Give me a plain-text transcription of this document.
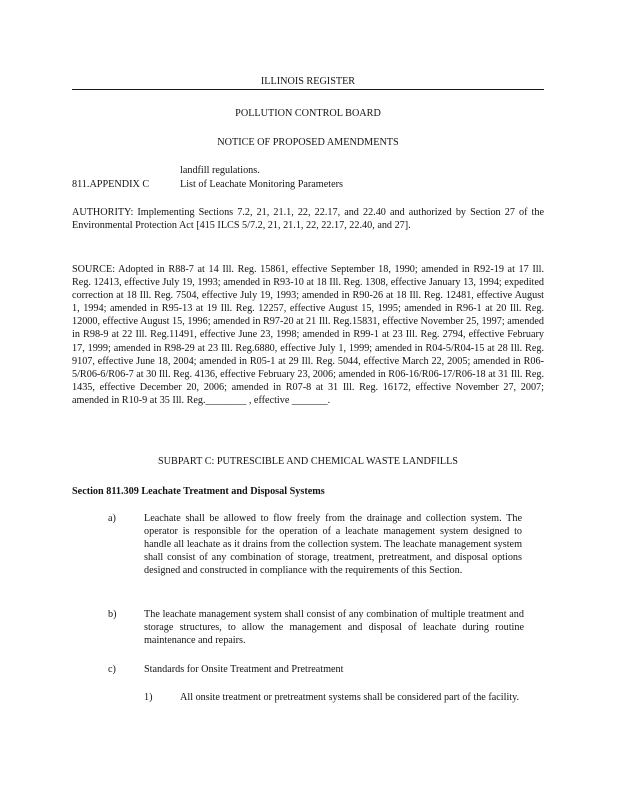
ILLINOIS REGISTER
POLLUTION CONTROL BOARD
NOTICE OF PROPOSED AMENDMENTS
landfill regulations.
811.APPENDIX C	List of Leachate Monitoring Parameters
AUTHORITY: Implementing Sections 7.2, 21, 21.1, 22, 22.17, and 22.40 and authorized by Section 27 of the Environmental Protection Act [415 ILCS 5/7.2, 21, 21.1, 22, 22.17, 22.40, and 27].
SOURCE: Adopted in R88-7 at 14 Ill. Reg. 15861, effective September 18, 1990; amended in R92-19 at 17 Ill. Reg. 12413, effective July 19, 1993; amended in R93-10 at 18 Ill. Reg. 1308, effective January 13, 1994; expedited correction at 18 Ill. Reg. 7504, effective July 19, 1993; amended in R90-26 at 18 Ill. Reg. 12481, effective August 1, 1994; amended in R95-13 at 19 Ill. Reg. 12257, effective August 15, 1995; amended in R96-1 at 20 Ill. Reg. 12000, effective August 15, 1996; amended in R97-20 at 21 Ill. Reg.15831, effective November 25, 1997; amended in R98-9 at 22 Ill. Reg.11491, effective June 23, 1998; amended in R99-1 at 23 Ill. Reg. 2794, effective February 17, 1999; amended in R98-29 at 23 Ill. Reg.6880, effective July 1, 1999; amended in R04-5/R04-15 at 28 Ill. Reg. 9107, effective June 18, 2004; amended in R05-1 at 29 Ill. Reg. 5044, effective March 22, 2005; amended in R06-5/R06-6/R06-7 at 30 Ill. Reg. 4136, effective February 23, 2006; amended in R06-16/R06-17/R06-18 at 31 Ill. Reg. 1435, effective December 20, 2006; amended in R07-8 at 31 Ill. Reg. 16172, effective November 27, 2007; amended in R10-9 at 35 Ill. Reg.________ , effective _______.
SUBPART C: PUTRESCIBLE AND CHEMICAL WASTE LANDFILLS
Section 811.309 Leachate Treatment and Disposal Systems
a)	Leachate shall be allowed to flow freely from the drainage and collection system. The operator is responsible for the operation of a leachate management system designed to handle all leachate as it drains from the collection system. The leachate management system shall consist of any combination of storage, treatment, pretreatment, and disposal options designed and constructed in compliance with the requirements of this Section.
b)	The leachate management system shall consist of any combination of multiple treatment and storage structures, to allow the management and disposal of leachate during routine maintenance and repairs.
c)	Standards for Onsite Treatment and Pretreatment
1)	All onsite treatment or pretreatment systems shall be considered part of the facility.
